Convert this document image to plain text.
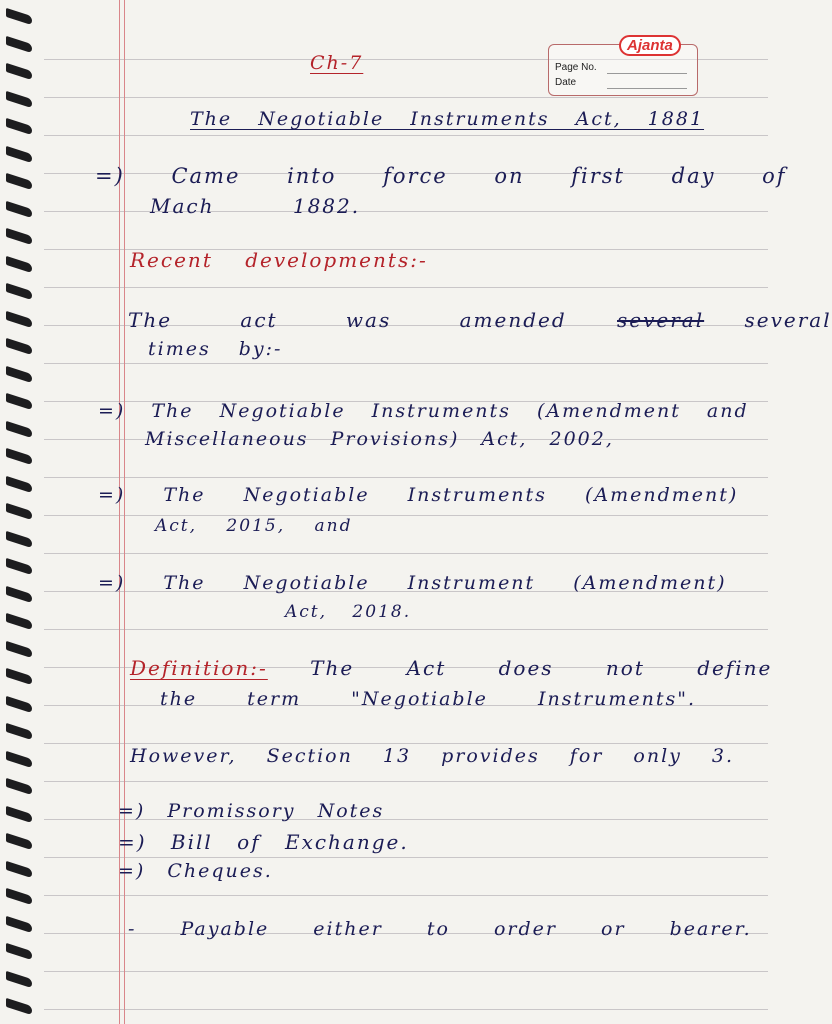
Ajanta
Page No.
Date
Ch-7
The Negotiable Instruments Act, 1881
=) Came into force on first day of
Mach 1882.
Recent developments:-
The act was amended	several several
times by:-
=) The Negotiable Instruments (Amendment and
Miscellaneous Provisions) Act, 2002,
=) The Negotiable Instruments (Amendment)
Act, 2015, and
=) The Negotiable Instrument (Amendment)
Act, 2018.
Definition:- The Act does not define
the term "Negotiable Instruments".
However, Section 13 provides for only 3.
=) Promissory Notes
=) Bill of Exchange.
=) Cheques.
- Payable either to order or bearer.
